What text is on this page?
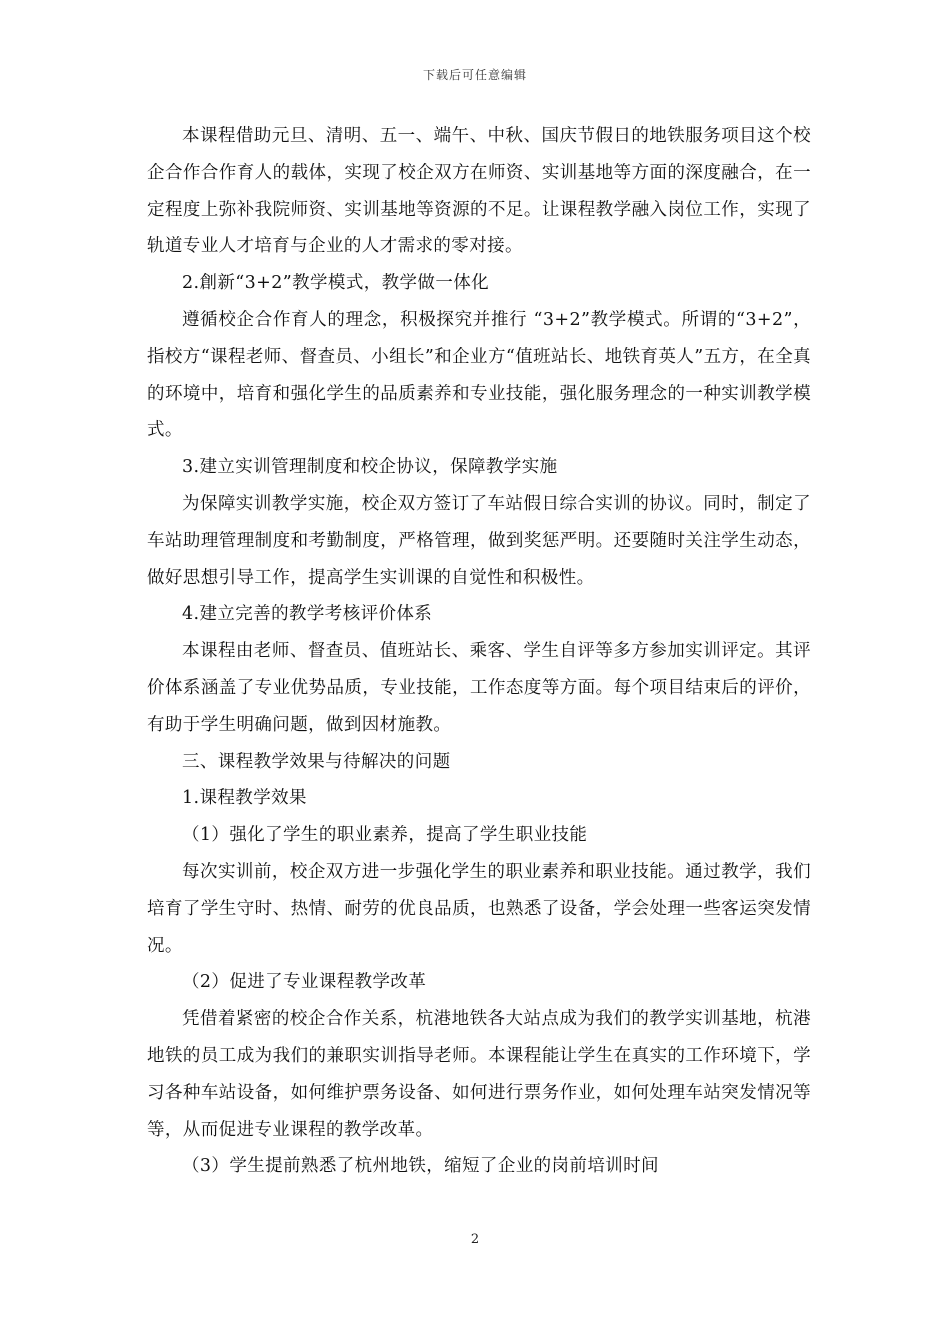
下载后可任意编辑

本课程借助元旦、清明、五一、端午、中秋、国庆节假日的地铁服务项目这个校企合作合作育人的载体，实现了校企双方在师资、实训基地等方面的深度融合，在一定程度上弥补我院师资、实训基地等资源的不足。让课程教学融入岗位工作，实现了轨道专业人才培育与企业的人才需求的零对接。

2.創新“3+2”教学模式，教学做一体化

遵循校企合作育人的理念，积极探究并推行 “3+2”教学模式。所谓的“3+2”，指校方“课程老师、督查员、小组长”和企业方“值班站长、地铁育英人”五方，在全真的环境中，培育和强化学生的品质素养和专业技能，强化服务理念的一种实训教学模式。

3.建立实训管理制度和校企协议，保障教学实施

为保障实训教学实施，校企双方签订了车站假日综合实训的协议。同时，制定了车站助理管理制度和考勤制度，严格管理，做到奖惩严明。还要随时关注学生动态，做好思想引导工作，提高学生实训课的自觉性和积极性。

4.建立完善的教学考核评价体系

本课程由老师、督查员、值班站长、乘客、学生自评等多方参加实训评定。其评价体系涵盖了专业优势品质，专业技能，工作态度等方面。每个项目结束后的评价，有助于学生明确问题，做到因材施教。

三、课程教学效果与待解决的问题

1.课程教学效果

（1）强化了学生的职业素养，提高了学生职业技能

每次实训前，校企双方进一步强化学生的职业素养和职业技能。通过教学，我们培育了学生守时、热情、耐劳的优良品质，也熟悉了设备，学会处理一些客运突发情况。

（2）促进了专业课程教学改革

凭借着紧密的校企合作关系，杭港地铁各大站点成为我们的教学实训基地，杭港地铁的员工成为我们的兼职实训指导老师。本课程能让学生在真实的工作环境下，学习各种车站设备，如何维护票务设备、如何进行票务作业，如何处理车站突发情况等等，从而促进专业课程的教学改革。

（3）学生提前熟悉了杭州地铁，缩短了企业的岗前培训时间

2
